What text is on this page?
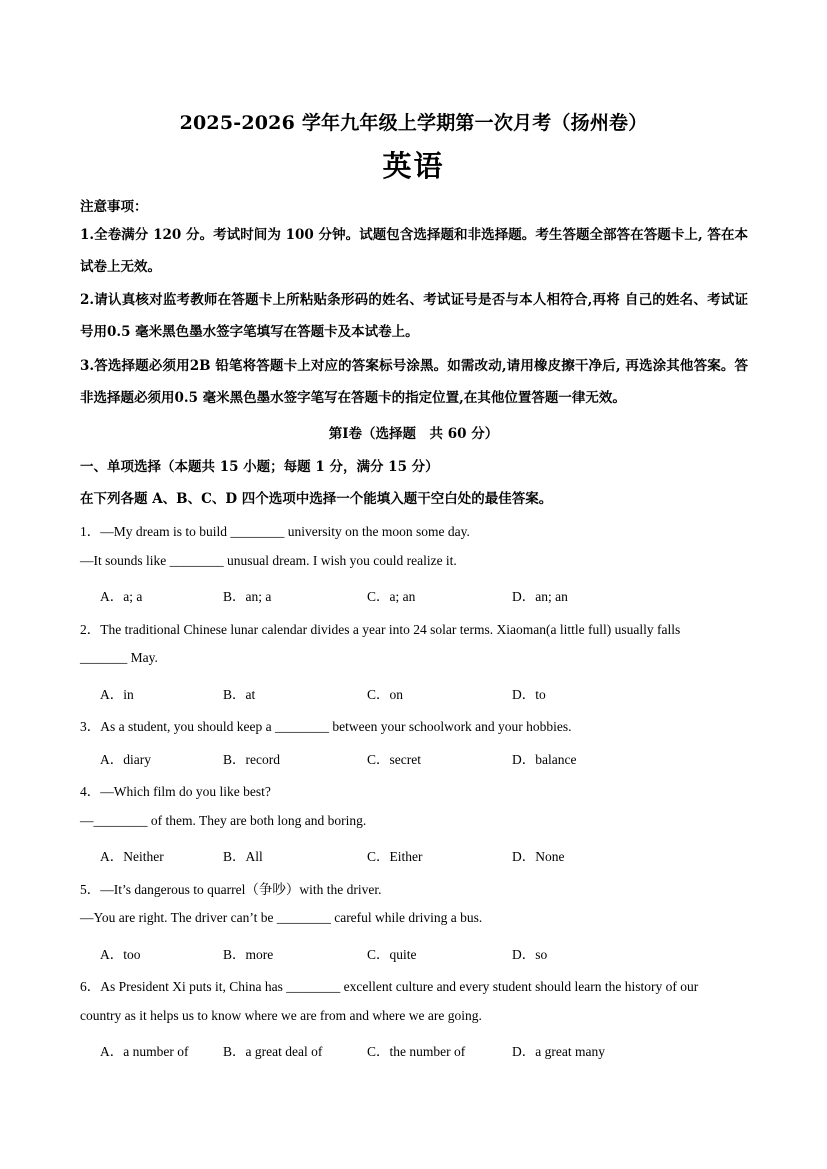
2025-2026 学年九年级上学期第一次月考（扬州卷）
英语
注意事项：
1.全卷满分 120 分。考试时间为 100 分钟。试题包含选择题和非选择题。考生答题全部答在答题卡上, 答在本试卷上无效。
2.请认真核对监考教师在答题卡上所粘贴条形码的姓名、考试证号是否与本人相符合,再将 自己的姓名、考试证号用0.5 毫米黑色墨水签字笔填写在答题卡及本试卷上。
3.答选择题必须用2B 铅笔将答题卡上对应的答案标号涂黑。如需改动,请用橡皮擦干净后, 再选涂其他答案。答非选择题必须用0.5 毫米黑色墨水签字笔写在答题卡的指定位置,在其他位置答题一律无效。
第Ⅰ卷（选择题　共 60 分）
一、单项选择（本题共 15 小题；每题 1 分，满分 15 分）
在下列各题 A、B、C、D 四个选项中选择一个能填入题干空白处的最佳答案。
1．—My dream is to build ________ university on the moon some day.
—It sounds like ________ unusual dream. I wish you could realize it.
A．a; a	B．an; a	C．a; an	D．an; an
2．The traditional Chinese lunar calendar divides a year into 24 solar terms. Xiaoman(a little full) usually falls
_______ May.
A．in	B．at	C．on	D．to
3．As a student, you should keep a ________ between your schoolwork and your hobbies.
A．diary	B．record	C．secret	D．balance
4．—Which film do you like best?
—________ of them. They are both long and boring.
A．Neither	B．All	C．Either	D．None
5．—It’s dangerous to quarrel（争吵）with the driver.
—You are right. The driver can’t be ________ careful while driving a bus.
A．too	B．more	C．quite	D．so
6．As President Xi puts it, China has ________ excellent culture and every student should learn the history of our
country as it helps us to know where we are from and where we are going.
A．a number of	B．a great deal of	C．the number of	D．a great many
